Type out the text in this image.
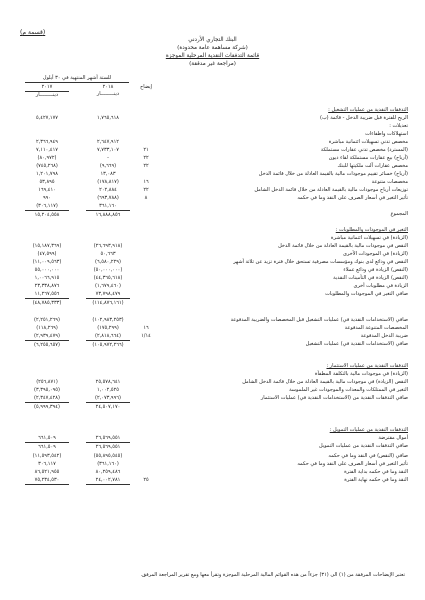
(قسمة م)
البنك التجاري الأردني
(شركة مساهمة عامة محدودة)
قائمة التدفقات النقدية المرحلية الموجزة
(مراجعة غير مدققة)
للستة أشهر المنتهية في ٣٠ أيلول
٢٠١٨
٢٠١٧
دينـــــــــار
دينـــــــــار
إيضاح
التدفقات النقدية من عمليات التشغيل :
الربح للفترة قبل ضريبة الدخل - قائمة (ب)
١,٧٦٥,٦١٨
٥,٤٢٧,١٧٧
تعديلات :
استهلاكات واطفاءات
مخصص تدني تسهيلات ائتمانية مباشرة
٢,٦٤٧,٩١٢
٢,٣٦٦,٩٤٩
(المسترد) مخصص تدني عقارات مستملكة
٢١
٧,٧٣٣,١٠٧
٧,١١٠,٤١٧
(أرباح) بيع عقارات مستملكة لقاء ديون
٢٢
-
(٨٠,٩٧٢)
مخصص عقارات آلت ملكيتها للبنك
٢٢
(٩,٦٦٩)
(٧٤٥,٢٦٨)
(أرباح) خسائر تقييم موجودات مالية بالقيمة العادلة من خلال قائمة الدخل
١٣,٠٨٣
١,٢٠١,٧٩٨
مخصصات متنوعة
١٦
(١٧٨,٨١٧)
٥٣,٨٩٥
توزيعات أرباح موجودات مالية بالقيمة العادلة من خلال قائمة الدخل الشامل
٢٢
٢٠٢,٨٨٤
١٦٩,٤١٠
تأثير التغير في أسعار الصرف على النقد وما في حكمه
٨
(٦٩٣,٧٨٨)
٩٩٠
٣٦١,١٦٠
(٣٠٦,١١٧)
المجموع
١٦,٨٨٨,٨٥٦
١٥,٢٠٤,٥٥٨
التغير في الموجودات والمطلوبات :
(الزيادة) في تسهيلات ائتمانية مباشرة
النقص في موجودات مالية بالقيمة العادلة من خلال قائمة الدخل
(٢٦,٦٩٣,٩١٨)
(١٥,١٨٧,٣٦٩)
(الزيادة) في الموجودات الأخرى
٥٠,٦٦٣
(٤٧,٥٩٩)
النقص في ودائع لدى بنوك ومؤسسات مصرفية تستحق خلال فترة تزيد عن ثلاثة أشهر
(٦,٥٨٠,٢٢٩)
(١١,٠٠٩,٥٦٣)
(النقص) الزيادة في ودائع عملاء
(٥٠,٠٠٠,٠٠٠)
٥٥,٠٠٠,٠٠٠
(النقص) الزيادة في التأمينات النقدية
(٤٤,٣٦٥,٦١٨)
١,٠٠٦٦,٩١٥
الزيادة في مطلوبات أخرى
(١,٦٧٩,٤٦٠)
٢٣,٣٣٨,٨٧٦
صافي التغير في الموجودات والمطلوبات
٧٣,٧٩٨,٤٧٩
١١,٢٦٧,٥٥٦
(١١٤,٨٧٦,١٦١)
(٤٨,٧٨٥,٣٣٣)
صافي (الاستخدامات النقدية في) عمليات التشغيل قبل المخصصات والضريبة المدفوعة
(١٠٢,٩٨٣,٢٥٣)
(٢,٢٥١,٢٦٩)
المخصصات المتنوعة المدفوعة
١٦
(١٧٥,٢٩٩)
(١١٨,٢٦٩)
ضريبة الدخل المدفوعة
١/١٤
(٢,٨١٨,٦٦٤)
(٢,٩٣٩,٤٧٩)
صافي (الاستخدامات النقدية في) عمليات التشغيل
(١٠٥,٩٧٢,٢٦٦)
(٦,٢٥٥,٦٥٧)
التدفقات النقدية من عمليات الاستثمار :
(الزيادة) في موجودات مالية بالتكلفة المطفأة
النقص (الزيادة) في موجودات مالية بالقيمة العادلة من خلال قائمة الدخل الشامل
٢٥,٥٧٨,٦٤١
(٢٥٦,٨٧١)
التغير في الممتلكات والمعدات والموجودات غير الملموسة
١,٠٠٢,٥٢٥
(٣,٣٩٥,٠٩٥)
صافي التدفقات النقدية من (الاستخدامات النقدية في) عمليات الاستثمار
(٢,٠٧٣,٩٩٦)
(٢,٣٤٧,٤٢٨)
٢٤,٥٠٧,١٧٠
(٥,٩٩٩,٣٩٤)
التدفقات النقدية من عمليات التمويل :
أموال مقترضة
٢٦,٥٦٩,٥٥١
٦٦١,٥٠٩
صافي التدفقات النقدية من عمليات التمويل
٢٦,٥٦٩,٥٥١
٦٦١,٥٠٩
صافي (النقص) في النقد وما في حكمه
(٥٥,٨٩٥,٥٤٥)
(١١,٥٩٣,٥٤٢)
تأثير التغير في أسعار الصرف على النقد وما في حكمه
(٣٦١,١٦٠)
٣٠٦,١١٧
النقد وما في حكمه بداية الفترة
٨٠,٢٥٩,٤٨٦
٨٦,٥٢١,٩٥٥
النقد وما في حكمه نهاية الفترة
٢٥
٢٤,٠٠٢,٧٨١
٧٥,٢٣٤,٥٣٠
تعتبر الإيضاحات المرفقة من (١) الى (٣١) جزءاً من هذه القوائم المالية المرحلية الموجزة وتقرأ معها ومع تقرير المراجعة المرفق.
